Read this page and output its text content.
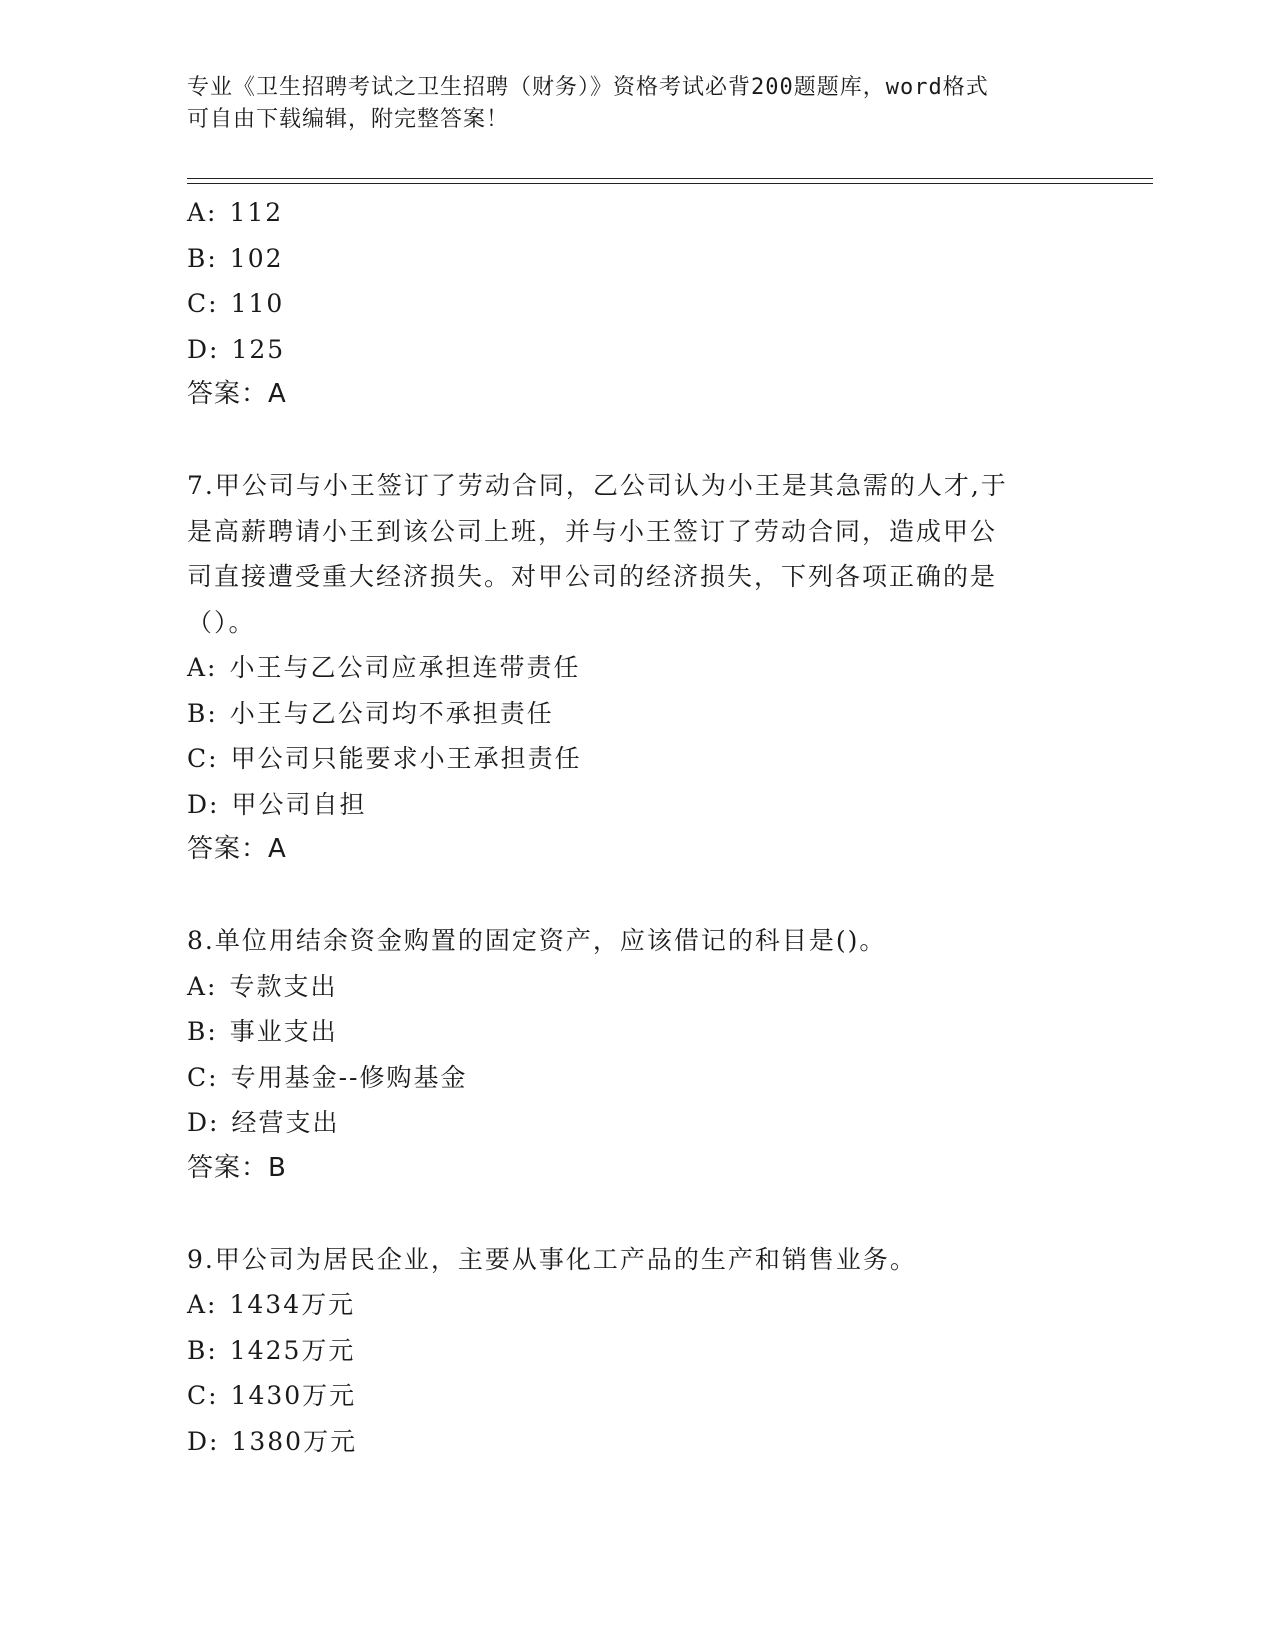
专业《卫生招聘考试之卫生招聘（财务）》资格考试必背200题题库，word格式
可自由下载编辑，附完整答案！
A: 112
B: 102
C: 110
D: 125
答案：A
7.甲公司与小王签订了劳动合同，乙公司认为小王是其急需的人才,于
是高薪聘请小王到该公司上班，并与小王签订了劳动合同，造成甲公
司直接遭受重大经济损失。对甲公司的经济损失，下列各项正确的是
（）。
A: 小王与乙公司应承担连带责任
B: 小王与乙公司均不承担责任
C: 甲公司只能要求小王承担责任
D: 甲公司自担
答案：A
8.单位用结余资金购置的固定资产，应该借记的科目是()。
A: 专款支出
B: 事业支出
C: 专用基金--修购基金
D: 经营支出
答案：B
9.甲公司为居民企业，主要从事化工产品的生产和销售业务。
A: 1434万元
B: 1425万元
C: 1430万元
D: 1380万元
